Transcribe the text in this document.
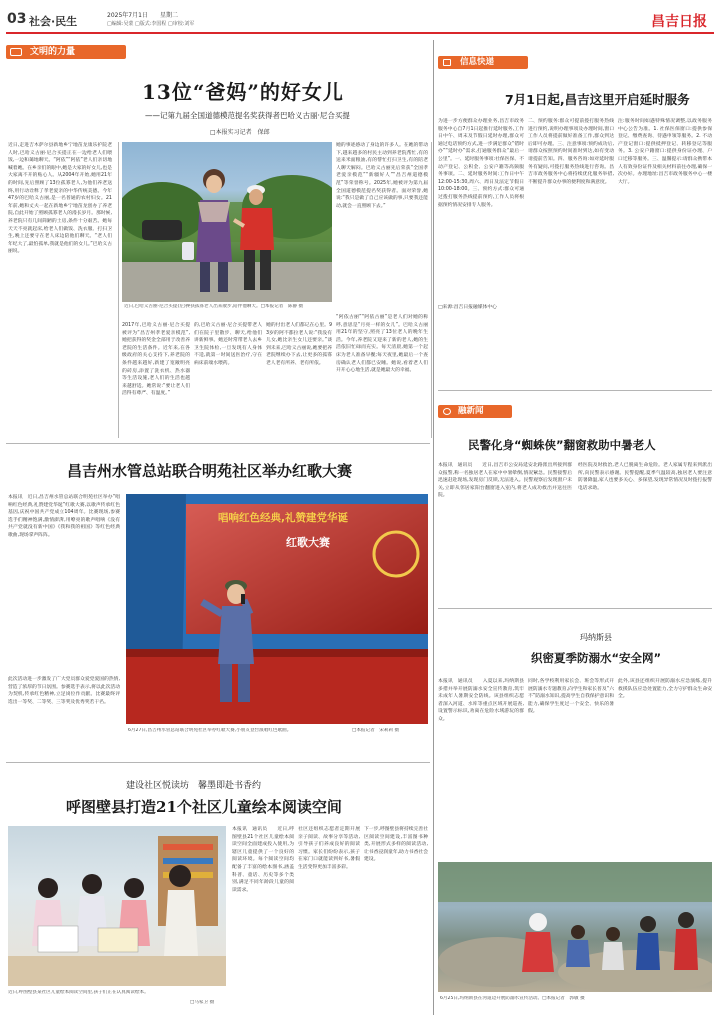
03 社会·民生	2025年7月1日 星期二
□编辑:吴蒙 □版式:李国程 □审校:刘军	昌吉日报
文明的力量
13位“爸妈”的好女儿
——记第九届全国道德模范提名奖获得者巴哈义古丽·尼合买提
□本报实习记者　保郎
近日,走进吉木萨尔县新地乡宁地苗龙康乐护院老人时,巴哈义古丽·尼合买提正在一边给老人们喂饭,一边和蔼地聊天。“阿依”“阿依”老人们亲切地喊着她。在乡亲们的眼中,她是大家的好女儿,也是大家离不开的贴心人。从2004年开始,她用21年的时间,先后照顾了13位孤寡老人,为他们养老送终,用行动诠释了孝老爱亲的中华传统美德。今年47岁的巴哈义古丽,是一名普通的农村妇女。21年前,她和丈夫一起在新地乡宁地苗龙创办了养老院,自此开始了照顾孤寡老人的漫长岁月。那时候,养老院只有几间简陋的土房,条件十分艰苦。她每天天不亮就起床,给老人们做饭、洗衣服、打扫卫生,晚上还要守在老人床边陪他们聊天。“老人们年纪大了,最怕孤单,我就是他们的女儿。”巴哈义古丽说。
近日,巴哈义古丽·尼合买提(左)搀扶孤寡老人出来散步,陪伴他聊天。□本报记者　陈静 摄
她的事迹感动了身边的许多人。在她的带动下,越来越多的村民主动到养老院帮忙,有的送来米面粮油,有的帮忙打扫卫生,有的陪老人聊天解闷。巴哈义古丽先后荣获“全国孝老爱亲模范”“新疆好人”“昌吉州道德模范”等荣誉称号。2025年,她被评为第九届全国道德模范提名奖获得者。面对荣誉,她说:“我只是做了自己应该做的事,只要我还能动,就会一直照顾下去。”
“阿依古丽”“阿依古丽”是老人们对她的称呼,意思是“月亮一样的女儿”。巴哈义古丽用21年的坚守,照亮了13位老人的晚年生活。今年,养老院又迎来了新的老人,她的生活依旧忙碌而充实。每天清晨,她第一个起床为老人准备早餐;每天夜里,她最后一个查房确认老人们都已安睡。她说,看着老人们开开心心地生活,就是她最大的幸福。
2017年,巴哈义古丽·尼合买提被评为“昌吉州孝老爱亲模范”,她把获得的奖金全部用于改善养老院的生活条件。近年来,在各级政府的关心支持下,养老院的条件越来越好,新建了宽敞明亮的砖房,添置了洗衣机、热水器等生活设施,老人们的生活也越来越舒适。她常说:“要让老人们活得有尊严、有温度。”
的,巴哈义古丽·尼合买提带老人们在院子里散步、聊天,给他们讲新鲜事。她还时常带老人去乡卫生院体检,一旦发现有人身体不适,就第一时间送医治疗,守在病床前端水喂药。
她的付出老人们都记在心里。93岁的阿不都拉老人说:“我没有儿女,她比亲生女儿还要亲。”谈到未来,巴哈义古丽说,她要把养老院继续办下去,让更多的孤寡老人老有所养、老有所依。
信息快递
7月1日起,昌吉这里开启延时服务
为进一步方便群众办理业务,昌吉市政务服务中心自7月1日起推行延时服务,工作日中午、周末及节假日延时办理,群众可通过电话预约方式,进一步满足群众“错时办”“延时办”需求,打通服务群众“最后一公里”。一、延时服务事项:社保医保、不动产登记、公积金、公安户籍等高频服务事项。二、延时服务时间:工作日中午12:00-15:30,周六、周日及法定节假日10:00-18:00。三、预约方式:群众可通过拨打服务热线提前预约,工作人员将根据预约情况安排专人服务。
二、预约服务:群众可提前拨打服务热线进行预约,说明办理事项及办理时间,窗口工作人员将提前做好准备工作,群众到达后即可办理。三、注意事项:预约成功后,请群众按照预约时间准时到达,如有变动请提前告知。四、服务咨询:如对延时服务有疑问,可拨打服务热线进行咨询。昌吉市政务服务中心将持续优化服务举措,不断提升群众办事的便利度和满意度。
注:服务时间如遇特殊情况调整,以政务服务中心公告为准。1. 社保医保窗口:提供参保登记、缴费查询、待遇申领等服务。2. 不动产登记窗口:提供抵押登记、转移登记等服务。3. 公安户籍窗口:提供身份证办理、户口迁移等服务。三、温馨提示:请群众携带本人有效身份证件及相关材料前往办理,确保一次办好。办理地址:昌吉市政务服务中心一楼大厅。
□来源:昌吉日报融媒体中心
融新闻
民警化身“蜘蛛侠”翻窗救助中暑老人
本报讯　通讯员　　近日,昌吉市公安局延安北路派出所接到群众报警,称一名独居老人在家中中暑晕倒,情况紧急。民警接警后迅速赶赴现场,发现房门反锁,无法进入。民警观察后发现窗户未关,立即从邻居家阳台翻窗进入室内,将老人成功救出并送往医院。
经医院及时救治,老人已脱离生命危险。老人家属专程来到派出所,向民警表示感谢。民警提醒,夏季气温较高,独居老人要注意防暑降温,家人也要多关心、多探望,发现异常情况及时拨打报警电话求助。
玛纳斯县
织密夏季防溺水“安全网”
本报讯　通讯员　　入夏以来,玛纳斯县多措并举开展防溺水安全宣传教育,筑牢未成年人暑期安全防线。该县组织志愿者深入河道、水库等重点区域开展巡查,设置警示标识,劝离在危险水域游玩的群众。
同时,各学校利用家长会、班会等形式开展防溺水专题教育,向学生和家长普及“六不”防溺水知识,提高学生自我保护意识和能力,确保学生度过一个安全、快乐的暑假。
此外,该县还组织开展防溺水应急演练,提升救援队伍应急处置能力,全力守护群众生命安全。
6月25日,玛纳斯县在河道边开展防溺水宣传活动。□本报记者　郭敏 摄
昌吉州水管总站联合明苑社区举办红歌大赛
本报讯　近日,昌吉州水管总站联合明苑社区举办“唱响红色经典,礼赞建党华诞”红歌大赛,以歌声传承红色基因,庆祝中国共产党成立104周年。比赛现场,参赛选手们精神饱满,激情澎湃,用嘹亮的歌声唱响《没有共产党就没有新中国》《我和我的祖国》等红色经典歌曲,现场掌声阵阵。
此次活动进一步激发了广大党员群众爱党爱国的热情,营造了浓厚的节日氛围。参赛选手表示,将以此次活动为契机,传承红色精神,立足岗位作贡献。比赛最终评选出一等奖、二等奖、三等奖及优秀奖若干名。
唱响红色经典,礼赞建党华诞
红歌大赛
6月27日,昌吉州水管总站联合明苑社区举办红歌大赛,小朋友登台演唱红色歌曲。	□本报记者　宋莉莉 摄
建设社区悦读坊　馨墨即赴书香约
呼图壁县打造21个社区儿童绘本阅读空间
近日,呼图壁县某社区儿童绘本阅读空间里,孩子们正在认真阅读绘本。
□马家卫 摄
本报讯　通讯员　　近日,呼图壁县21个社区儿童绘本阅读空间全面建成投入使用,为辖区儿童提供了一个良好的阅读环境。每个阅读空间均配备了丰富的绘本图书,涵盖科普、童话、历史等多个类别,满足不同年龄段儿童的阅读需求。
社区还组织志愿者定期开展亲子阅读、故事分享等活动,引导孩子们养成良好的阅读习惯。家长们纷纷表示,孩子在家门口就能读到好书,暑假生活变得更加丰富多彩。
下一步,呼图壁县将持续完善社区阅读空间建设,丰富图书种类,开展形式多样的阅读活动,让书香浸润童年,助力书香社会建设。
